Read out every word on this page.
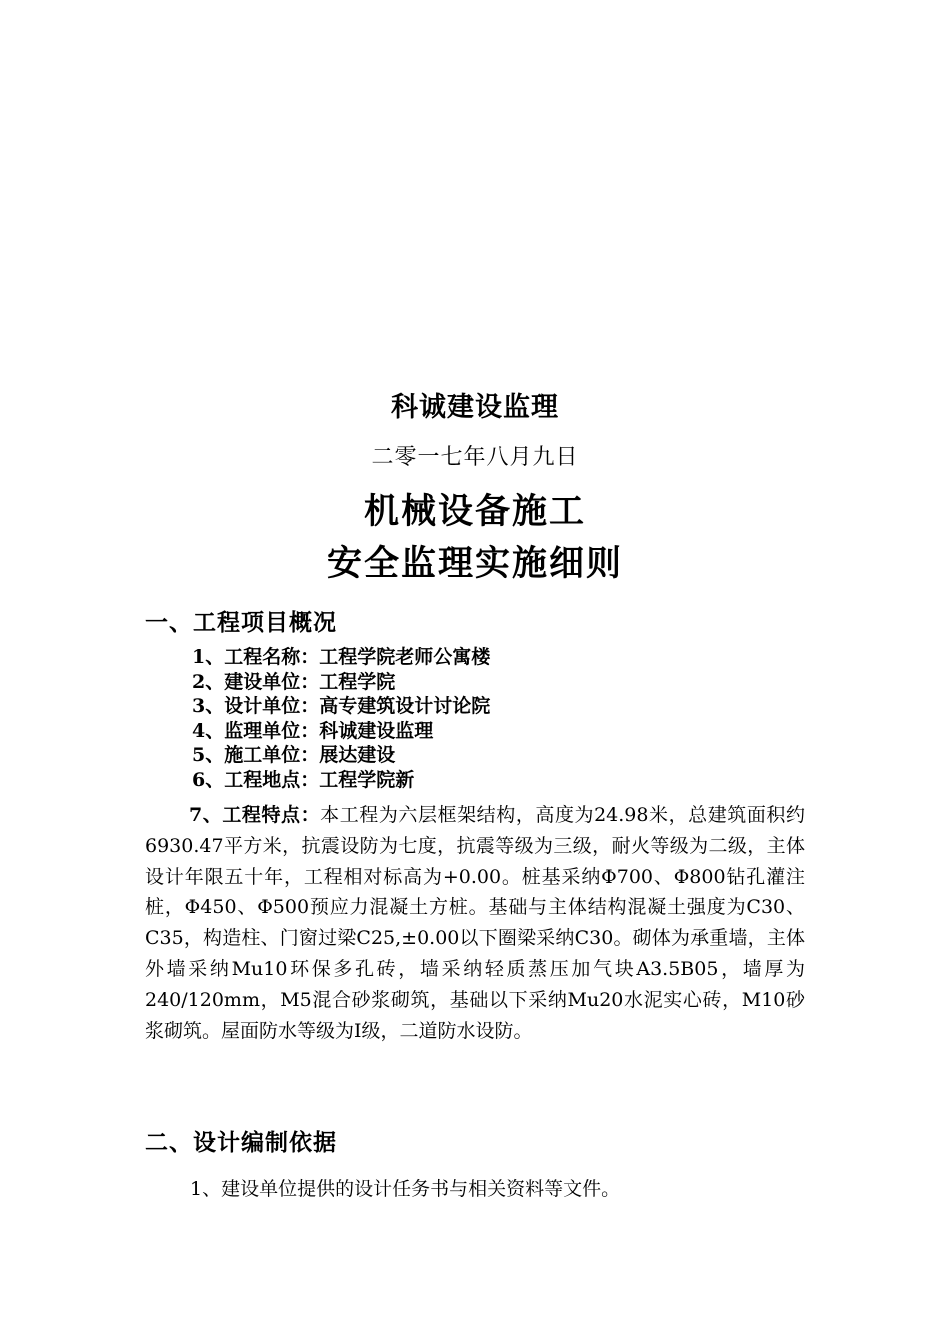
科诚建设监理
二零一七年八月九日
机械设备施工
安全监理实施细则
一、工程项目概况
1、工程名称：工程学院老师公寓楼
2、建设单位：工程学院
3、设计单位：高专建筑设计讨论院
4、监理单位：科诚建设监理
5、施工单位：展达建设
6、工程地点：工程学院新

7、工程特点：本工程为六层框架结构，高度为24.98米，总建筑面积约6930.47平方米，抗震设防为七度，抗震等级为三级，耐火等级为二级，主体设计年限五十年，工程相对标高为+0.00。桩基采纳Φ700、Φ800钻孔灌注桩，Φ450、Φ500预应力混凝土方桩。基础与主体结构混凝土强度为C30、C35，构造柱、门窗过梁C25,±0.00以下圈梁采纳C30。砌体为承重墙，主体外墙采纳Mu10环保多孔砖，墙采纳轻质蒸压加气块A3.5B05，墙厚为240/120mm，M5混合砂浆砌筑，基础以下采纳Mu20水泥实心砖，M10砂浆砌筑。屋面防水等级为Ⅰ级，二道防水设防。

二、设计编制依据
1、建设单位提供的设计任务书与相关资料等文件。
